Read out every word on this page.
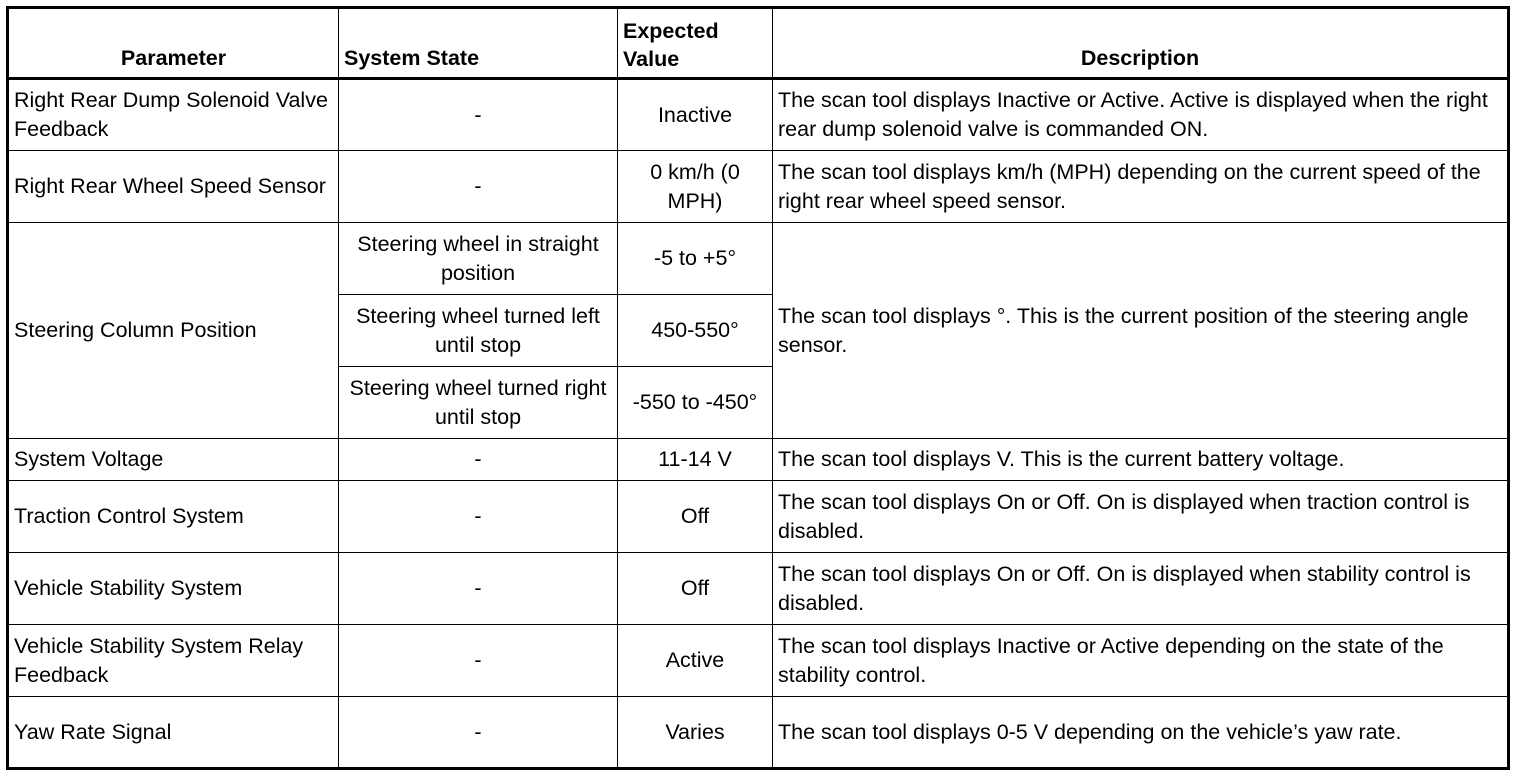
Parameter	System State	Expected Value	Description
Right Rear Dump Solenoid Valve Feedback	-	Inactive	The scan tool displays Inactive or Active. Active is displayed when the right rear dump solenoid valve is commanded ON.
Right Rear Wheel Speed Sensor	-	0 km/h (0 MPH)	The scan tool displays km/h (MPH) depending on the current speed of the right rear wheel speed sensor.
Steering Column Position	Steering wheel in straight position	-5 to +5°	The scan tool displays °. This is the current position of the steering angle sensor.
	Steering wheel turned left until stop	450-550°	
	Steering wheel turned right until stop	-550 to -450°	
System Voltage	-	11-14 V	The scan tool displays V. This is the current battery voltage.
Traction Control System	-	Off	The scan tool displays On or Off. On is displayed when traction control is disabled.
Vehicle Stability System	-	Off	The scan tool displays On or Off. On is displayed when stability control is disabled.
Vehicle Stability System Relay Feedback	-	Active	The scan tool displays Inactive or Active depending on the state of the stability control.
Yaw Rate Signal	-	Varies	The scan tool displays 0-5 V depending on the vehicle’s yaw rate.
